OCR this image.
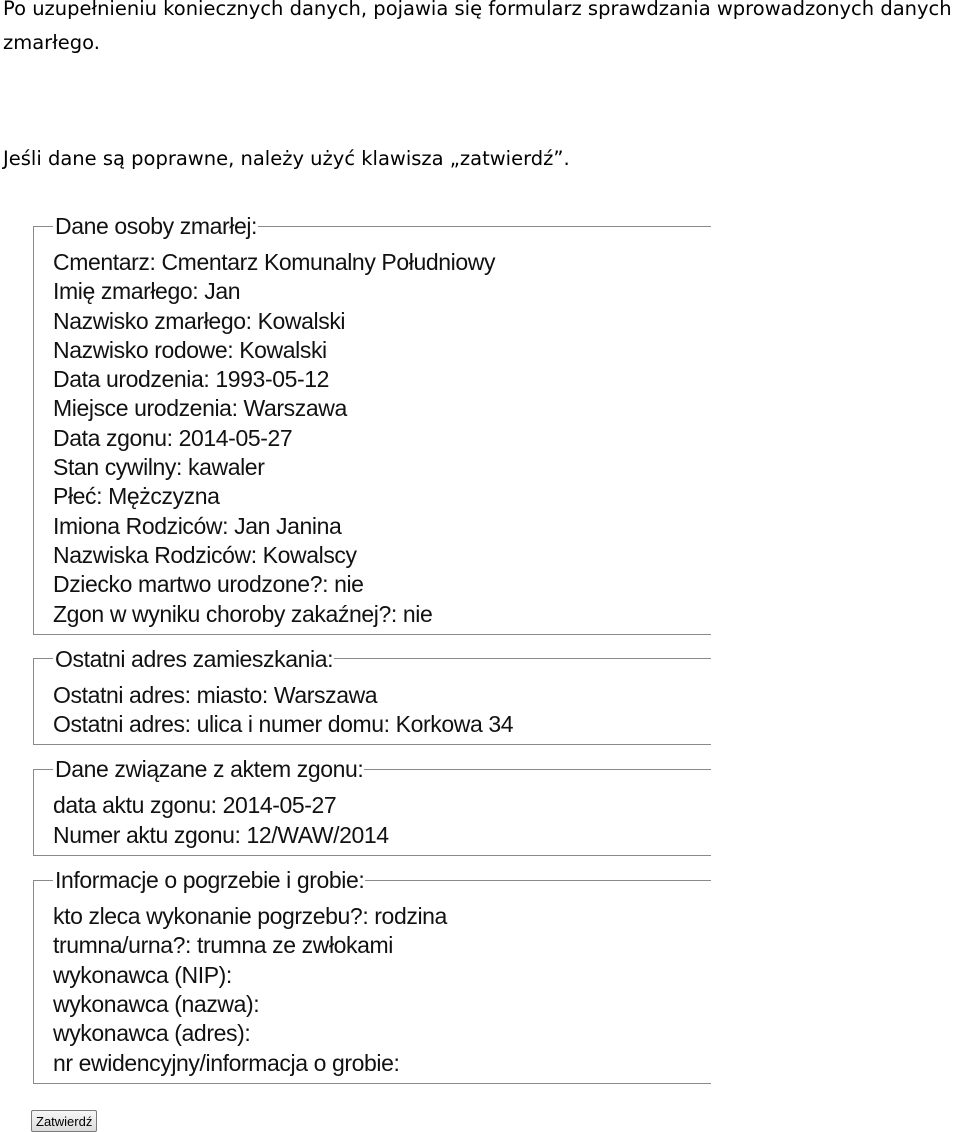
Po uzupełnieniu koniecznych danych, pojawia się formularz sprawdzania wprowadzonych danych zmarłego.
Jeśli dane są poprawne, należy użyć klawisza „zatwierdź”.
Dane osoby zmarłej:
Cmentarz: Cmentarz Komunalny Południowy
Imię zmarłego: Jan
Nazwisko zmarłego: Kowalski
Nazwisko rodowe: Kowalski
Data urodzenia: 1993-05-12
Miejsce urodzenia: Warszawa
Data zgonu: 2014-05-27
Stan cywilny: kawaler
Płeć: Mężczyzna
Imiona Rodziców: Jan Janina
Nazwiska Rodziców: Kowalscy
Dziecko martwo urodzone?: nie
Zgon w wyniku choroby zakaźnej?: nie
Ostatni adres zamieszkania:
Ostatni adres: miasto: Warszawa
Ostatni adres: ulica i numer domu: Korkowa 34
Dane związane z aktem zgonu:
data aktu zgonu: 2014-05-27
Numer aktu zgonu: 12/WAW/2014
Informacje o pogrzebie i grobie:
kto zleca wykonanie pogrzebu?: rodzina
trumna/urna?: trumna ze zwłokami
wykonawca (NIP):
wykonawca (nazwa):
wykonawca (adres):
nr ewidencyjny/informacja o grobie:
Zatwierdź
